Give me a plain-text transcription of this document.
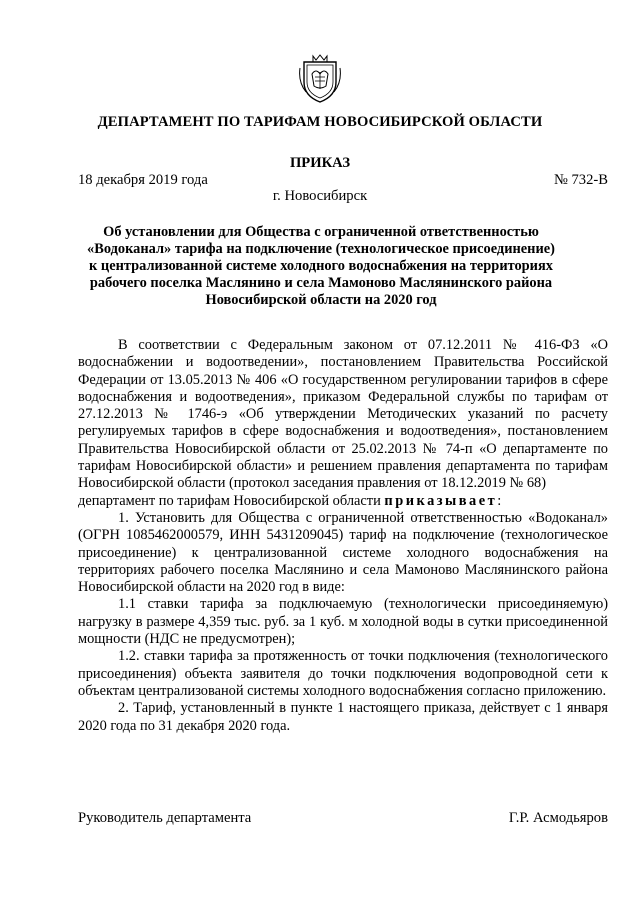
ДЕПАРТАМЕНТ ПО ТАРИФАМ НОВОСИБИРСКОЙ ОБЛАСТИ
ПРИКАЗ
18 декабря 2019 года	№ 732-В
г. Новосибирск
Об установлении для Общества с ограниченной ответственностью
«Водоканал» тарифа на подключение (технологическое присоединение)
к централизованной системе холодного водоснабжения на территориях
рабочего поселка Маслянино и села Мамоново Маслянинского района
Новосибирской области на 2020 год

В соответствии с Федеральным законом от 07.12.2011 № 416-ФЗ «О водоснабжении и водоотведении», постановлением Правительства Российской Федерации от 13.05.2013 № 406 «О государственном регулировании тарифов в сфере водоснабжения и водоотведения», приказом Федеральной службы по тарифам от 27.12.2013 № 1746-э «Об утверждении Методических указаний по расчету регулируемых тарифов в сфере водоснабжения и водоотведения», постановлением Правительства Новосибирской области от 25.02.2013 № 74-п «О департаменте по тарифам Новосибирской области» и решением правления департамента по тарифам Новосибирской области (протокол заседания правления от 18.12.2019 № 68)

департамент по тарифам Новосибирской области приказывает:

1. Установить для Общества с ограниченной ответственностью «Водоканал» (ОГРН 1085462000579, ИНН 5431209045) тариф на подключение (технологическое присоединение) к централизованной системе холодного водоснабжения на территориях рабочего поселка Маслянино и села Мамоново Маслянинского района Новосибирской области на 2020 год в виде:

1.1 ставки тарифа за подключаемую (технологически присоединяемую) нагрузку в размере 4,359 тыс. руб. за 1 куб. м холодной воды в сутки присоединенной мощности (НДС не предусмотрен);

1.2. ставки тарифа за протяженность от точки подключения (технологического присоединения) объекта заявителя до точки подключения водопроводной сети к объектам централизованой системы холодного водоснабжения согласно приложению.

2. Тариф, установленный в пункте 1 настоящего приказа, действует с 1 января 2020 года по 31 декабря 2020 года.

Руководитель департамента	Г.Р. Асмодьяров
